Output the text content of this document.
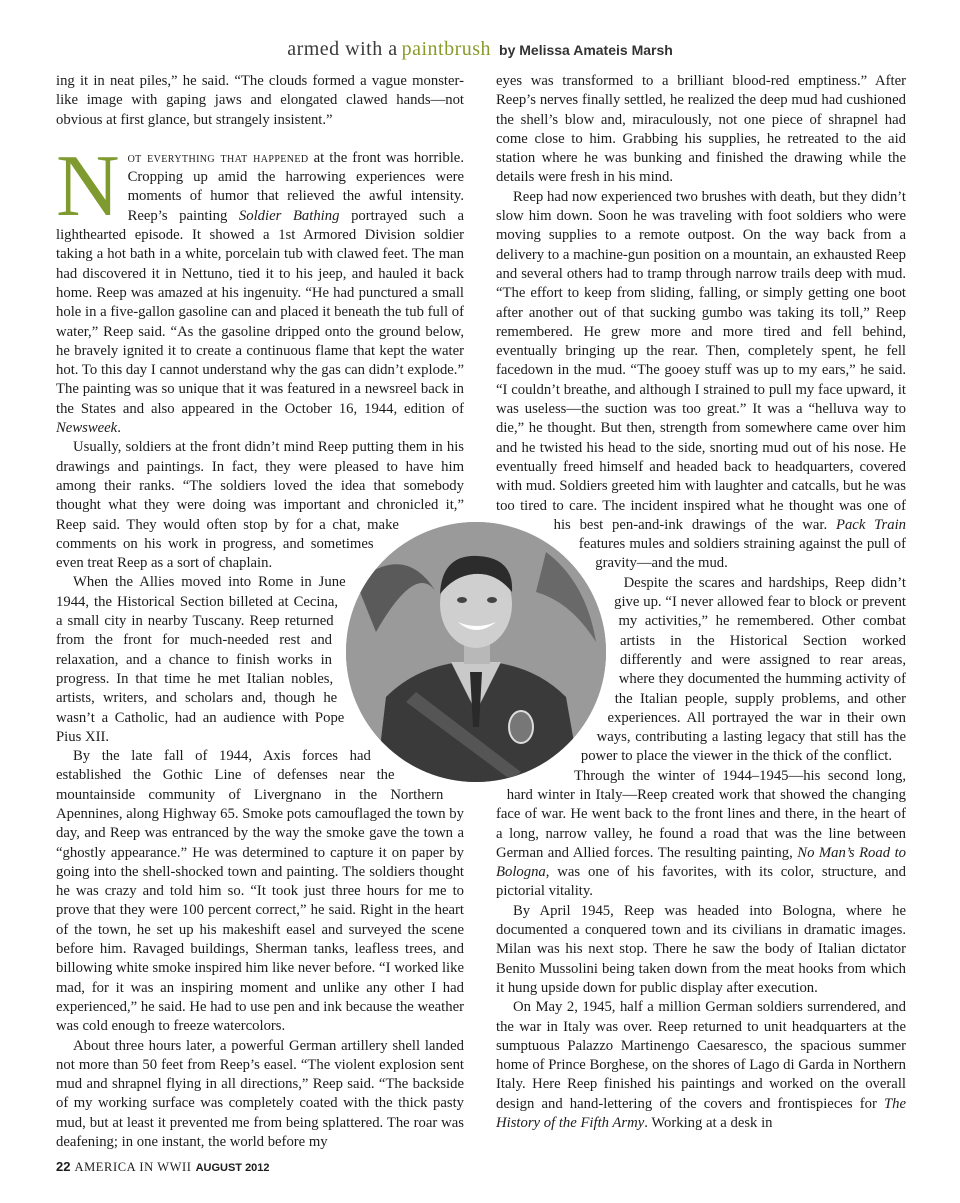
armed with a paintbrush by Melissa Amateis Marsh

ing it in neat piles,” he said. “The clouds formed a vague monster-like image with gaping jaws and elongated clawed hands—not obvious at first glance, but strangely insistent.”

Not everything that happened at the front was horrible. Cropping up amid the harrowing experiences were moments of humor that relieved the awful intensity. Reep’s painting Soldier Bathing portrayed such a lighthearted episode. It showed a 1st Armored Division soldier taking a hot bath in a white, porcelain tub with clawed feet. The man had discovered it in Nettuno, tied it to his jeep, and hauled it back home. Reep was amazed at his ingenuity. “He had punctured a small hole in a five-gallon gasoline can and placed it beneath the tub full of water,” Reep said. “As the gasoline dripped onto the ground below, he bravely ignited it to create a continuous flame that kept the water hot. To this day I cannot understand why the gas can didn’t explode.” The painting was so unique that it was featured in a newsreel back in the States and also appeared in the October 16, 1944, edition of Newsweek.

Usually, soldiers at the front didn’t mind Reep putting them in his drawings and paintings. In fact, they were pleased to have him among their ranks. “The soldiers loved the idea that somebody thought what they were doing was important and chronicled it,” Reep said. They would often stop by for a chat, make comments on his work in progress, and sometimes even treat Reep as a sort of chaplain.

When the Allies moved into Rome in June 1944, the Historical Section billeted at Cecina, a small city in nearby Tuscany. Reep returned from the front for much-needed rest and relaxation, and a chance to finish works in progress. In that time he met Italian nobles, artists, writers, and scholars and, though he wasn’t a Catholic, had an audience with Pope Pius XII.

By the late fall of 1944, Axis forces had established the Gothic Line of defenses near the mountainside community of Livergnano in the Northern Apennines, along Highway 65. Smoke pots camouflaged the town by day, and Reep was entranced by the way the smoke gave the town a “ghostly appearance.” He was determined to capture it on paper by going into the shell-shocked town and painting. The soldiers thought he was crazy and told him so. “It took just three hours for me to prove that they were 100 percent correct,” he said. Right in the heart of the town, he set up his makeshift easel and surveyed the scene before him. Ravaged buildings, Sherman tanks, leafless trees, and billowing white smoke inspired him like never before. “I worked like mad, for it was an inspiring moment and unlike any other I had experienced,” he said. He had to use pen and ink because the weather was cold enough to freeze watercolors.

About three hours later, a powerful German artillery shell landed not more than 50 feet from Reep’s easel. “The violent explosion sent mud and shrapnel flying in all directions,” Reep said. “The backside of my working surface was completely coated with the thick pasty mud, but at least it prevented me from being splattered. The roar was deafening; in one instant, the world before my

eyes was transformed to a brilliant blood-red emptiness.” After Reep’s nerves finally settled, he realized the deep mud had cushioned the shell’s blow and, miraculously, not one piece of shrapnel had come close to him. Grabbing his supplies, he retreated to the aid station where he was bunking and finished the drawing while the details were fresh in his mind.

Reep had now experienced two brushes with death, but they didn’t slow him down. Soon he was traveling with foot soldiers who were moving supplies to a remote outpost. On the way back from a delivery to a machine-gun position on a mountain, an exhausted Reep and several others had to tramp through narrow trails deep with mud. “The effort to keep from sliding, falling, or simply getting one boot after another out of that sucking gumbo was taking its toll,” Reep remembered. He grew more and more tired and fell behind, eventually bringing up the rear. Then, completely spent, he fell facedown in the mud. “The gooey stuff was up to my ears,” he said. “I couldn’t breathe, and although I strained to pull my face upward, it was useless—the suction was too great.” It was a “helluva way to die,” he thought. But then, strength from somewhere came over him and he twisted his head to the side, snorting mud out of his nose. He eventually freed himself and headed back to headquarters, covered with mud. Soldiers greeted him with laughter and catcalls, but he was too tired to care. The incident inspired what he thought was one of his best pen-and-ink drawings of the war. Pack Train features mules and soldiers straining against the pull of gravity—and the mud.

Despite the scares and hardships, Reep didn’t give up. “I never allowed fear to block or prevent my activities,” he remembered. Other combat artists in the Historical Section worked differently and were assigned to rear areas, where they documented the humming activity of the Italian people, supply problems, and other experiences. All portrayed the war in their own ways, contributing a lasting legacy that still has the power to place the viewer in the thick of the conflict.

Through the winter of 1944–1945—his second long, hard winter in Italy—Reep created work that showed the changing face of war. He went back to the front lines and there, in the heart of a long, narrow valley, he found a road that was the line between German and Allied forces. The resulting painting, No Man’s Road to Bologna, was one of his favorites, with its color, structure, and pictorial vitality.

By April 1945, Reep was headed into Bologna, where he documented a conquered town and its civilians in dramatic images. Milan was his next stop. There he saw the body of Italian dictator Benito Mussolini being taken down from the meat hooks from which it hung upside down for public display after execution.

On May 2, 1945, half a million German soldiers surrendered, and the war in Italy was over. Reep returned to unit headquarters at the sumptuous Palazzo Martinengo Caesaresco, the spacious summer home of Prince Borghese, on the shores of Lago di Garda in Northern Italy. Here Reep finished his paintings and worked on the overall design and hand-lettering of the covers and frontispieces for The History of the Fifth Army. Working at a desk in

22 AMERICA IN WWII AUGUST 2012
